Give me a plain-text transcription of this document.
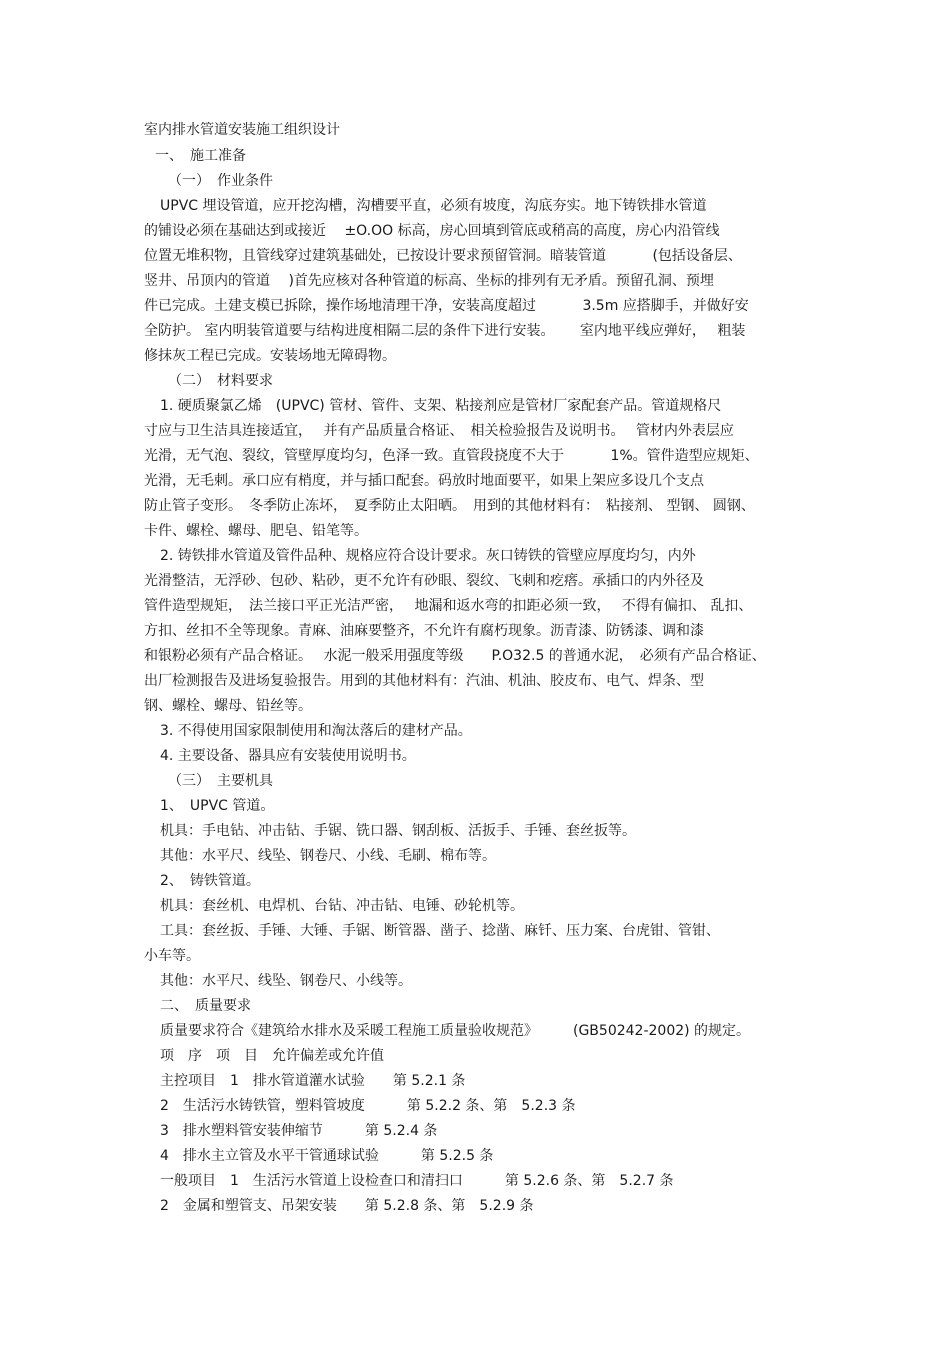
室内排水管道安装施工组织设计
一、　施工准备
（一）　作业条件
UPVC 埋设管道，应开挖沟槽，沟槽要平直，必须有坡度，沟底夯实。地下铸铁排水管道
的铺设必须在基础达到或接近　 ±O.OO 标高，房心回填到管底或稍高的高度，房心内沿管线
位置无堆积物，且管线穿过建筑基础处，已按设计要求预留管洞。暗装管道　　　 (包括设备层、
竖井、吊顶内的管道　 )首先应核对各种管道的标高、坐标的排列有无矛盾。预留孔洞、预埋
件已完成。土建支模已拆除，操作场地清理干净，安装高度超过　　　 3.5m 应搭脚手，并做好安
全防护。 室内明装管道要与结构进度相隔二层的条件下进行安装。　　 室内地平线应弹好，　 粗装
修抹灰工程已完成。安装场地无障碍物。
（二）　材料要求
1. 硬质聚氯乙烯　(UPVC) 管材、管件、支架、粘接剂应是管材厂家配套产品。管道规格尺
寸应与卫生洁具连接适宜，　 并有产品质量合格证、　相关检验报告及说明书。　 管材内外表层应
光滑，无气泡、裂纹，管壁厚度均匀，色泽一致。直管段挠度不大于　　　 1%。管件造型应规矩、
光滑，无毛刺。承口应有梢度，并与插口配套。码放时地面要平，如果上架应多设几个支点
防止管子变形。　冬季防止冻坏，　夏季防止太阳晒。　用到的其他材料有：　粘接剂、 型钢、 圆钢、
卡件、螺栓、螺母、肥皂、铅笔等。
2. 铸铁排水管道及管件品种、规格应符合设计要求。灰口铸铁的管壁应厚度均匀，内外
光滑整洁，无浮砂、包砂、粘砂，更不允许有砂眼、裂纹、飞刺和疙瘩。承插口的内外径及
管件造型规矩，　法兰接口平正光洁严密，　 地漏和返水弯的扣距必须一致，　 不得有偏扣、 乱扣、
方扣、丝扣不全等现象。青麻、油麻要整齐，不允许有腐朽现象。沥青漆、防锈漆、调和漆
和银粉必须有产品合格证。　 水泥一般采用强度等级　　P.O32.5 的普通水泥，　必须有产品合格证、
出厂检测报告及进场复验报告。用到的其他材料有：汽油、机油、胶皮布、电气、焊条、型
钢、螺栓、螺母、铅丝等。
3. 不得使用国家限制使用和淘汰落后的建材产品。
4. 主要设备、器具应有安装使用说明书。
（三）　主要机具
1、　UPVC 管道。
机具：手电钻、冲击钻、手锯、铣口器、钢刮板、活扳手、手锤、套丝扳等。
其他：水平尺、线坠、钢卷尺、小线、毛刷、棉布等。
2、　铸铁管道。
机具：套丝机、电焊机、台钻、冲击钻、电锤、砂轮机等。
工具：套丝扳、手锤、大锤、手锯、断管器、凿子、捻凿、麻钎、压力案、台虎钳、管钳、
小车等。
其他：水平尺、线坠、钢卷尺、小线等。
二、　质量要求
质量要求符合《建筑给水排水及采暖工程施工质量验收规范》　　　(GB50242-2002) 的规定。
项　序　项　目　允许偏差或允许值
主控项目　1　排水管道灌水试验　　第 5.2.1 条
2　生活污水铸铁管，塑料管坡度　　　第 5.2.2 条、第　5.2.3 条
3　排水塑料管安装伸缩节　　　第 5.2.4 条
4　排水主立管及水平干管通球试验　　　第 5.2.5 条
一般项目　1　生活污水管道上设检查口和清扫口　　　第 5.2.6 条、第　5.2.7 条
2　金属和塑管支、吊架安装　　第 5.2.8 条、第　5.2.9 条
